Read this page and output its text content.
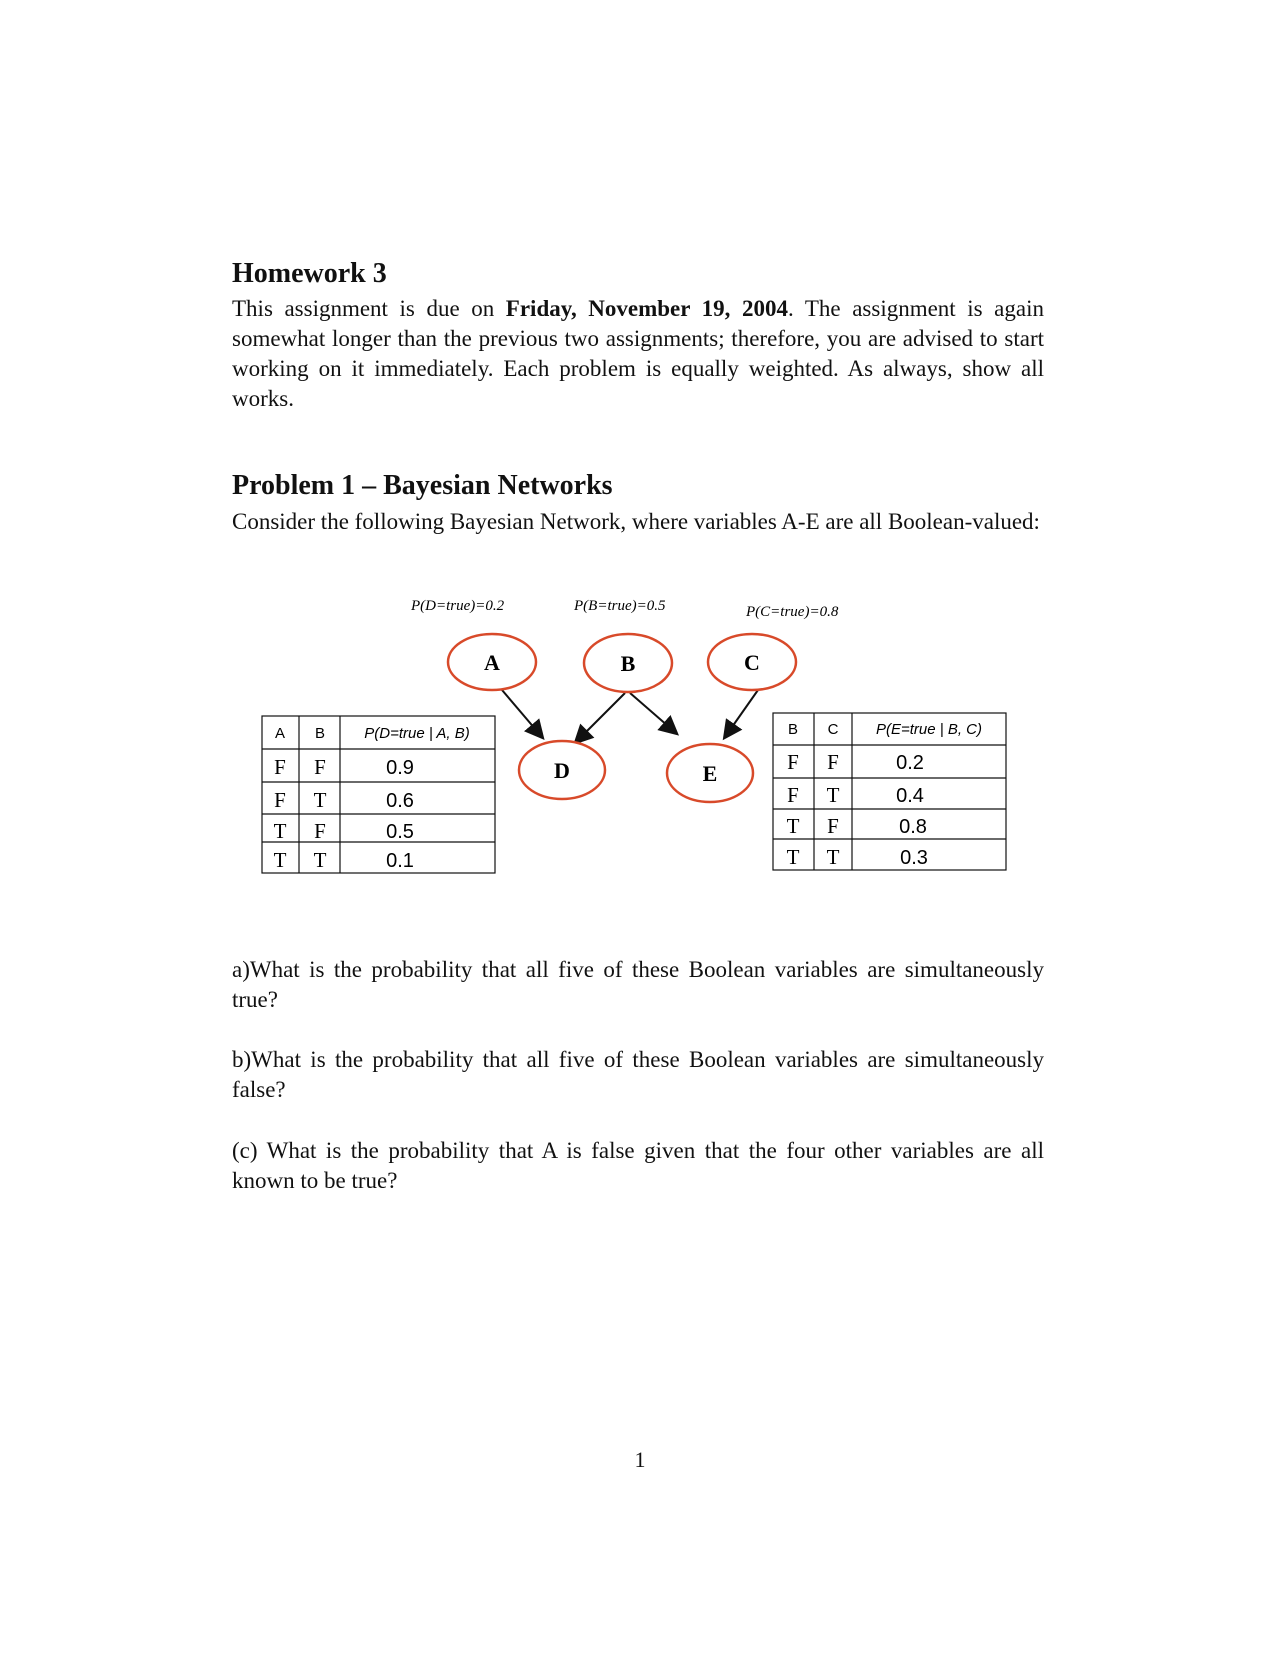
Homework 3

This assignment is due on Friday, November 19, 2004. The assignment is again somewhat longer than the previous two assignments; therefore, you are advised to start working on it immediately. Each problem is equally weighted. As always, show all works.

Problem 1 – Bayesian Networks

Consider the following Bayesian Network, where variables A-E are all Boolean-valued:

P(D=true)=0.2	P(B=true)=0.5	P(C=true)=0.8
A	B	C
D	E
A B	P(D=true | A, B)
F F	0.9
F T	0.6
T F	0.5
T T	0.1
B C	P(E=true | B, C)
F F	0.2
F T	0.4
T F	0.8
T T	0.3

a)What is the probability that all five of these Boolean variables are simultaneously true?

b)What is the probability that all five of these Boolean variables are simultaneously false?

(c) What is the probability that A is false given that the four other variables are all known to be true?

1
